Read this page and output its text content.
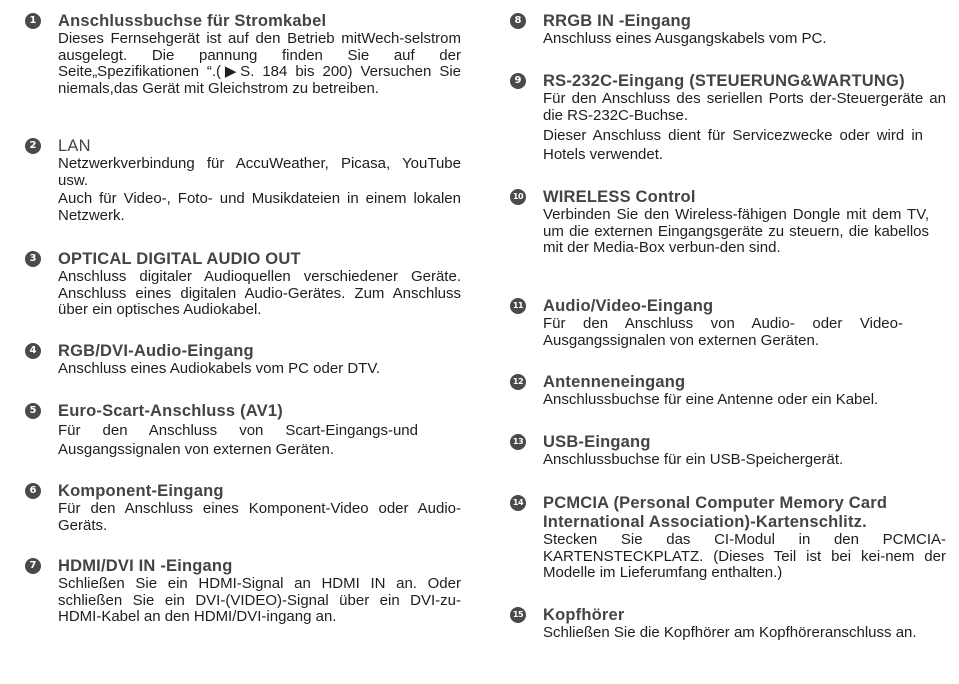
1 Anschlussbuchse für Stromkabel
Dieses Fernsehgerät ist auf den Betrieb mitWech-selstrom ausgelegt. Die pannung finden Sie auf der Seite„Spezifikationen “.(▶S. 184 bis 200) Versuchen Sie niemals,das Gerät mit Gleichstrom zu betreiben.
2 LAN
Netzwerkverbindung für AccuWeather, Picasa, YouTube usw.
Auch für Video-, Foto- und Musikdateien in einem lokalen Netzwerk.
3 OPTICAL DIGITAL AUDIO OUT
Anschluss digitaler Audioquellen verschiedener Geräte. Anschluss eines digitalen Audio-Gerätes. Zum Anschluss über ein optisches Audiokabel.
4 RGB/DVI-Audio-Eingang
Anschluss eines Audiokabels vom PC oder DTV.
5 Euro-Scart-Anschluss (AV1)
Für den Anschluss von Scart-Eingangs-und Ausgangssignalen von externen Geräten.
6 Komponent-Eingang
Für den Anschluss eines Komponent-Video oder Audio-Geräts.
7 HDMI/DVI IN -Eingang
Schließen Sie ein HDMI-Signal an HDMI IN an. Oder schließen Sie ein DVI-(VIDEO)-Signal über ein DVI-zu-HDMI-Kabel an den HDMI/DVI-ingang an.
8 RRGB IN -Eingang
Anschluss eines Ausgangskabels vom PC.
9 RS-232C-Eingang (STEUERUNG&WARTUNG)
Für den Anschluss des seriellen Ports der-Steuergeräte an die RS-232C-Buchse.
Dieser Anschluss dient für Servicezwecke oder wird in Hotels verwendet.
10 WIRELESS Control
Verbinden Sie den Wireless-fähigen Dongle mit dem TV, um die externen Eingangsgeräte zu steuern, die kabellos mit der Media-Box verbun-den sind.
11 Audio/Video-Eingang
Für den Anschluss von Audio- oder Video-Ausgangssignalen von externen Geräten.
12 Antenneneingang
Anschlussbuchse für eine Antenne oder ein Kabel.
13 USB-Eingang
Anschlussbuchse für ein USB-Speichergerät.
14 PCMCIA (Personal Computer Memory Card International Association)-Kartenschlitz.
Stecken Sie das CI-Modul in den PCMCIA-KARTENSTECKPLATZ. (Dieses Teil ist bei kei-nem der Modelle im Lieferumfang enthalten.)
15 Kopfhörer
Schließen Sie die Kopfhörer am Kopfhöreranschluss an.
